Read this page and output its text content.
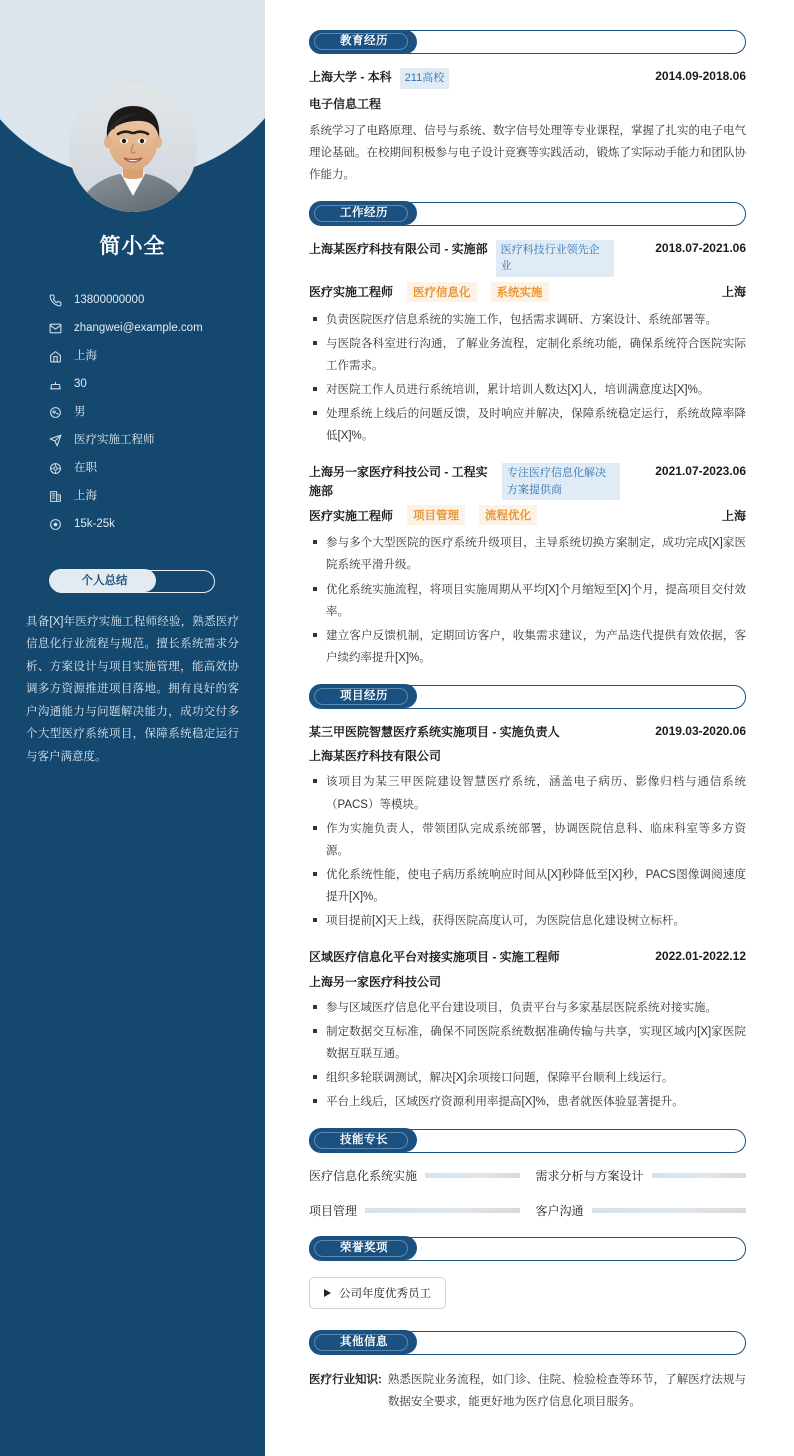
简小全
13800000000
zhangwei@example.com
上海
30
男
医疗实施工程师
在职
上海
15k-25k
个人总结

具备[X]年医疗实施工程师经验，熟悉医疗信息化行业流程与规范。擅长系统需求分析、方案设计与项目实施管理，能高效协调多方资源推进项目落地。拥有良好的客户沟通能力与问题解决能力，成功交付多个大型医疗系统项目，保障系统稳定运行与客户满意度。

教育经历
上海大学 - 本科	211高校	2014.09-2018.06
电子信息工程

系统学习了电路原理、信号与系统、数字信号处理等专业课程，掌握了扎实的电子电气理论基础。在校期间积极参与电子设计竞赛等实践活动，锻炼了实际动手能力和团队协作能力。

工作经历
上海某医疗科技有限公司 - 实施部	医疗科技行业领先企业
2018.07-2021.06
医疗实施工程师	医疗信息化	系统实施	上海
负责医院医疗信息系统的实施工作，包括需求调研、方案设计、系统部署等。
与医院各科室进行沟通，了解业务流程，定制化系统功能，确保系统符合医院实际工作需求。
对医院工作人员进行系统培训，累计培训人数达[X]人，培训满意度达[X]%。
处理系统上线后的问题反馈，及时响应并解决，保障系统稳定运行，系统故障率降低[X]%。
上海另一家医疗科技公司 - 工程实施部
专注医疗信息化解决方案提供商
2021.07-2023.06
医疗实施工程师	项目管理	流程优化	上海
参与多个大型医院的医疗系统升级项目，主导系统切换方案制定，成功完成[X]家医院系统平滑升级。
优化系统实施流程，将项目实施周期从平均[X]个月缩短至[X]个月，提高项目交付效率。
建立客户反馈机制，定期回访客户，收集需求建议，为产品迭代提供有效依据，客户续约率提升[X]%。
项目经历
某三甲医院智慧医疗系统实施项目 - 实施负责人	2019.03-2020.06
上海某医疗科技有限公司
该项目为某三甲医院建设智慧医疗系统，涵盖电子病历、影像归档与通信系统（PACS）等模块。
作为实施负责人，带领团队完成系统部署，协调医院信息科、临床科室等多方资源。
优化系统性能，使电子病历系统响应时间从[X]秒降低至[X]秒，PACS图像调阅速度提升[X]%。
项目提前[X]天上线，获得医院高度认可，为医院信息化建设树立标杆。
区域医疗信息化平台对接实施项目 - 实施工程师	2022.01-2022.12
上海另一家医疗科技公司
参与区域医疗信息化平台建设项目，负责平台与多家基层医院系统对接实施。
制定数据交互标准，确保不同医院系统数据准确传输与共享，实现区域内[X]家医院数据互联互通。
组织多轮联调测试，解决[X]余项接口问题，保障平台顺利上线运行。
平台上线后，区域医疗资源利用率提高[X]%，患者就医体验显著提升。
技能专长
医疗信息化系统实施	需求分析与方案设计
项目管理	客户沟通
荣誉奖项
公司年度优秀员工
其他信息
医疗行业知识: 熟悉医院业务流程，如门诊、住院、检验检查等环节，了解医疗法规与数据安全要求，能更好地为医疗信息化项目服务。
